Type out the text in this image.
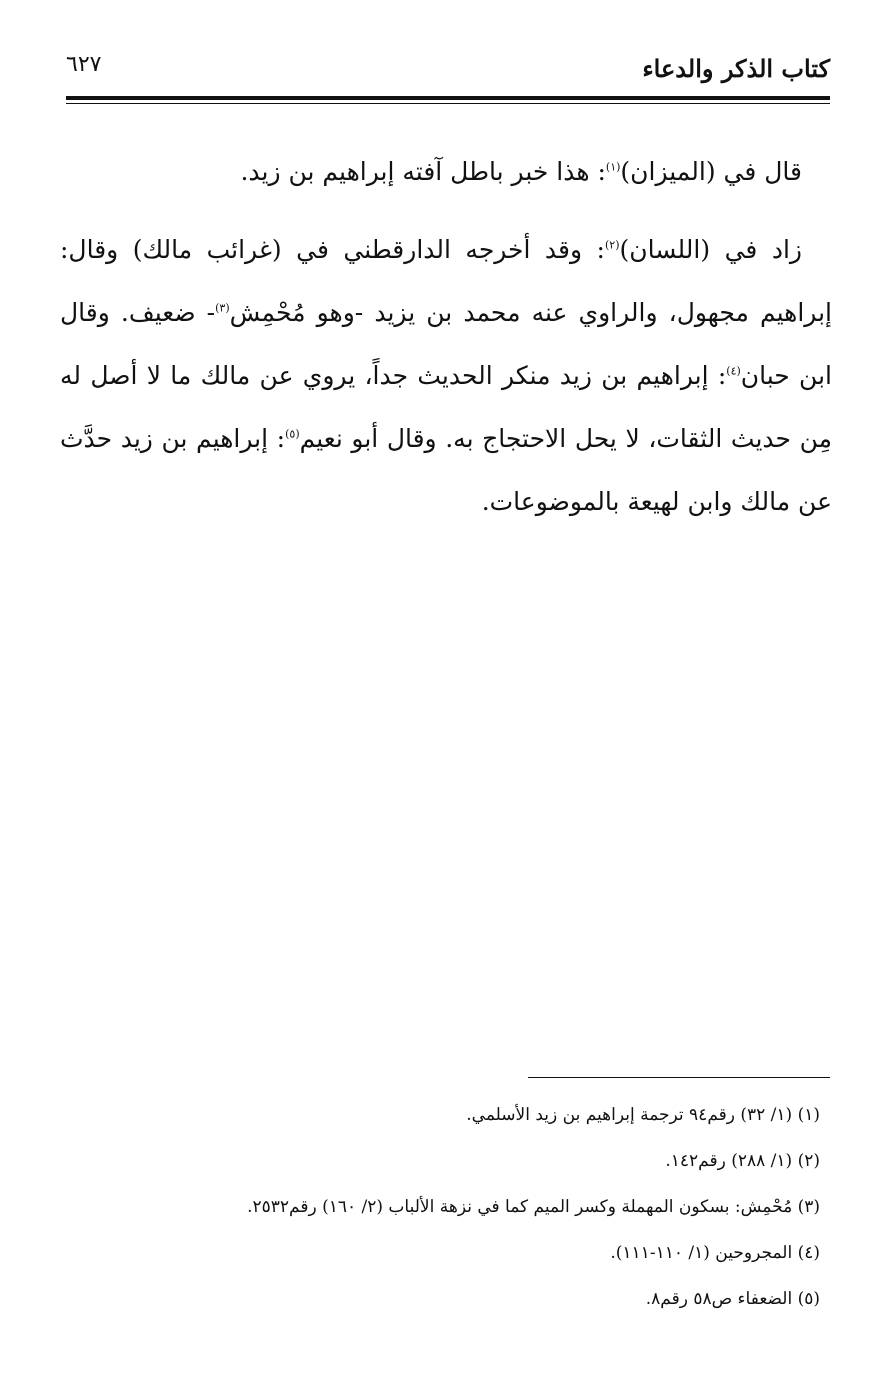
كتاب الذكر والدعاء
٦٢٧

قال في (الميزان)$^{(١)}$: هذا خبر باطل آفته إبراهيم بن زيد.

زاد في (اللسان)$^{(٢)}$: وقد أخرجه الدارقطني في (غرائب مالك) وقال: إبراهيم مجهول، والراوي عنه محمد بن يزيد -وهو مُحْمِش$^{(٣)}$- ضعيف. وقال ابن حبان$^{(٤)}$: إبراهيم بن زيد منكر الحديث جداً، يروي عن مالك ما لا أصل له مِن حديث الثقات، لا يحل الاحتجاج به. وقال أبو نعيم$^{(٥)}$: إبراهيم بن زيد حدَّث عن مالك وابن لهيعة بالموضوعات.

(١) (١/ ٣٢) رقم٩٤ ترجمة إبراهيم بن زيد الأسلمي.
(٢) (١/ ٢٨٨) رقم١٤٢.
(٣) مُحْمِش: بسكون المهملة وكسر الميم كما في نزهة الألباب (٢/ ١٦٠) رقم٢٥٣٢.
(٤) المجروحين (١/ ١١٠-١١١).
(٥) الضعفاء ص٥٨ رقم٨.
